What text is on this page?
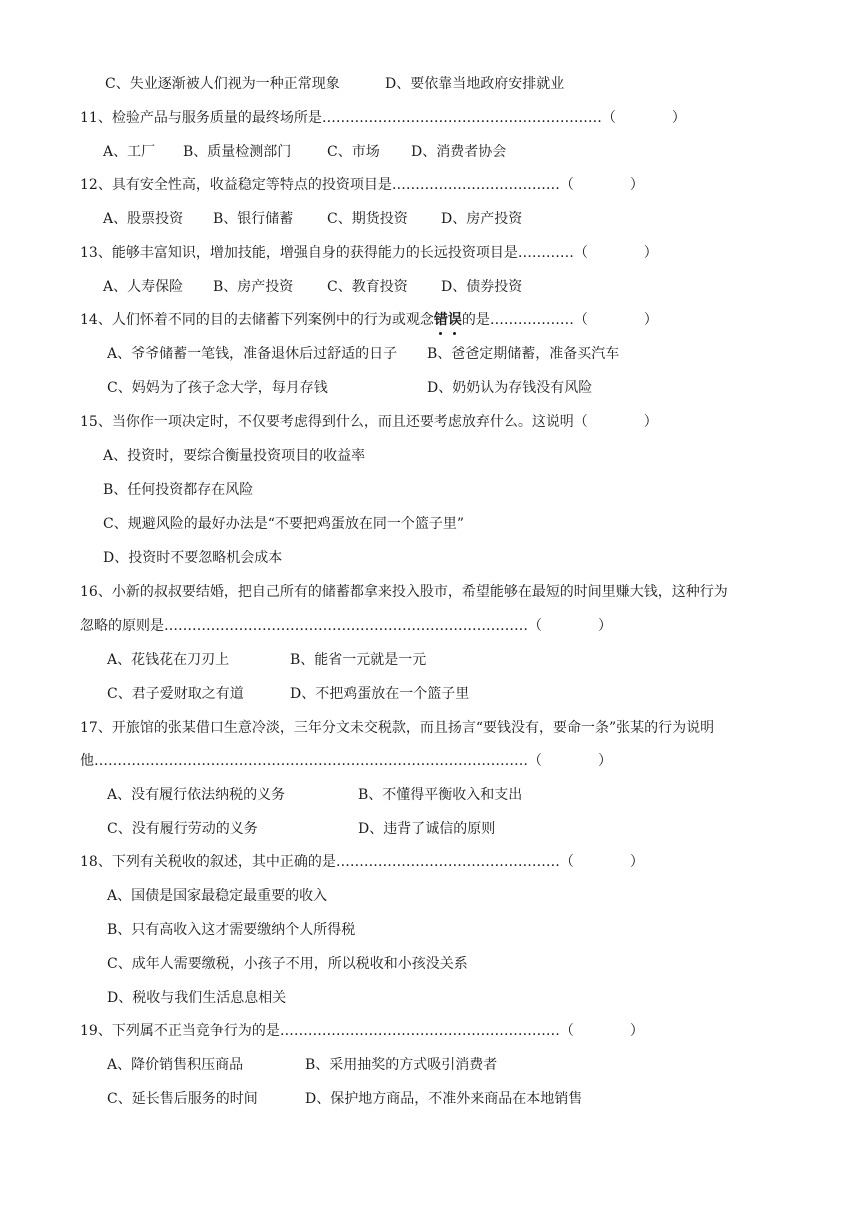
C、失业逐渐被人们视为一种正常现象	D、要依靠当地政府安排就业
11、检验产品与服务质量的最终场所是……………………………………………………（　　　　）
A、工厂 B、质量检测部门	C、市场 D、消费者协会
12、具有安全性高，收益稳定等特点的投资项目是………………………………（　　　　）
A、股票投资 B、银行储蓄 C、期货投资 D、房产投资
13、能够丰富知识，增加技能，增强自身的获得能力的长远投资项目是…………（　　　　）
A、人寿保险 B、房产投资 C、教育投资 D、债券投资
14、人们怀着不同的目的去储蓄下列案例中的行为或观念错误的是………………（　　　　）
A、爷爷储蓄一笔钱，准备退休后过舒适的日子 B、爸爸定期储蓄，准备买汽车
C、妈妈为了孩子念大学，每月存钱	D、奶奶认为存钱没有风险
15、当你作一项决定时，不仅要考虑得到什么，而且还要考虑放弃什么。这说明（　　　　）
A、投资时，要综合衡量投资项目的收益率
B、任何投资都存在风险
C、规避风险的最好办法是“不要把鸡蛋放在同一个篮子里”
D、投资时不要忽略机会成本
16、小新的叔叔要结婚，把自己所有的储蓄都拿来投入股市，希望能够在最短的时间里赚大钱，这种行为
忽略的原则是……………………………………………………………………（　　　　）
A、花钱花在刀刃上	B、能省一元就是一元
C、君子爱财取之有道	D、不把鸡蛋放在一个篮子里
17、开旅馆的张某借口生意冷淡，三年分文未交税款，而且扬言“要钱没有，要命一条”张某的行为说明
他…………………………………………………………………………………（　　　　）
A、没有履行依法纳税的义务	B、不懂得平衡收入和支出
C、没有履行劳动的义务	D、违背了诚信的原则
18、下列有关税收的叙述，其中正确的是…………………………………………（　　　　）
A、国债是国家最稳定最重要的收入
B、只有高收入这才需要缴纳个人所得税
C、成年人需要缴税，小孩子不用，所以税收和小孩没关系
D、税收与我们生活息息相关
19、下列属不正当竞争行为的是……………………………………………………（　　　　）
A、降价销售积压商品	B、采用抽奖的方式吸引消费者
C、延长售后服务的时间	D、保护地方商品，不准外来商品在本地销售
